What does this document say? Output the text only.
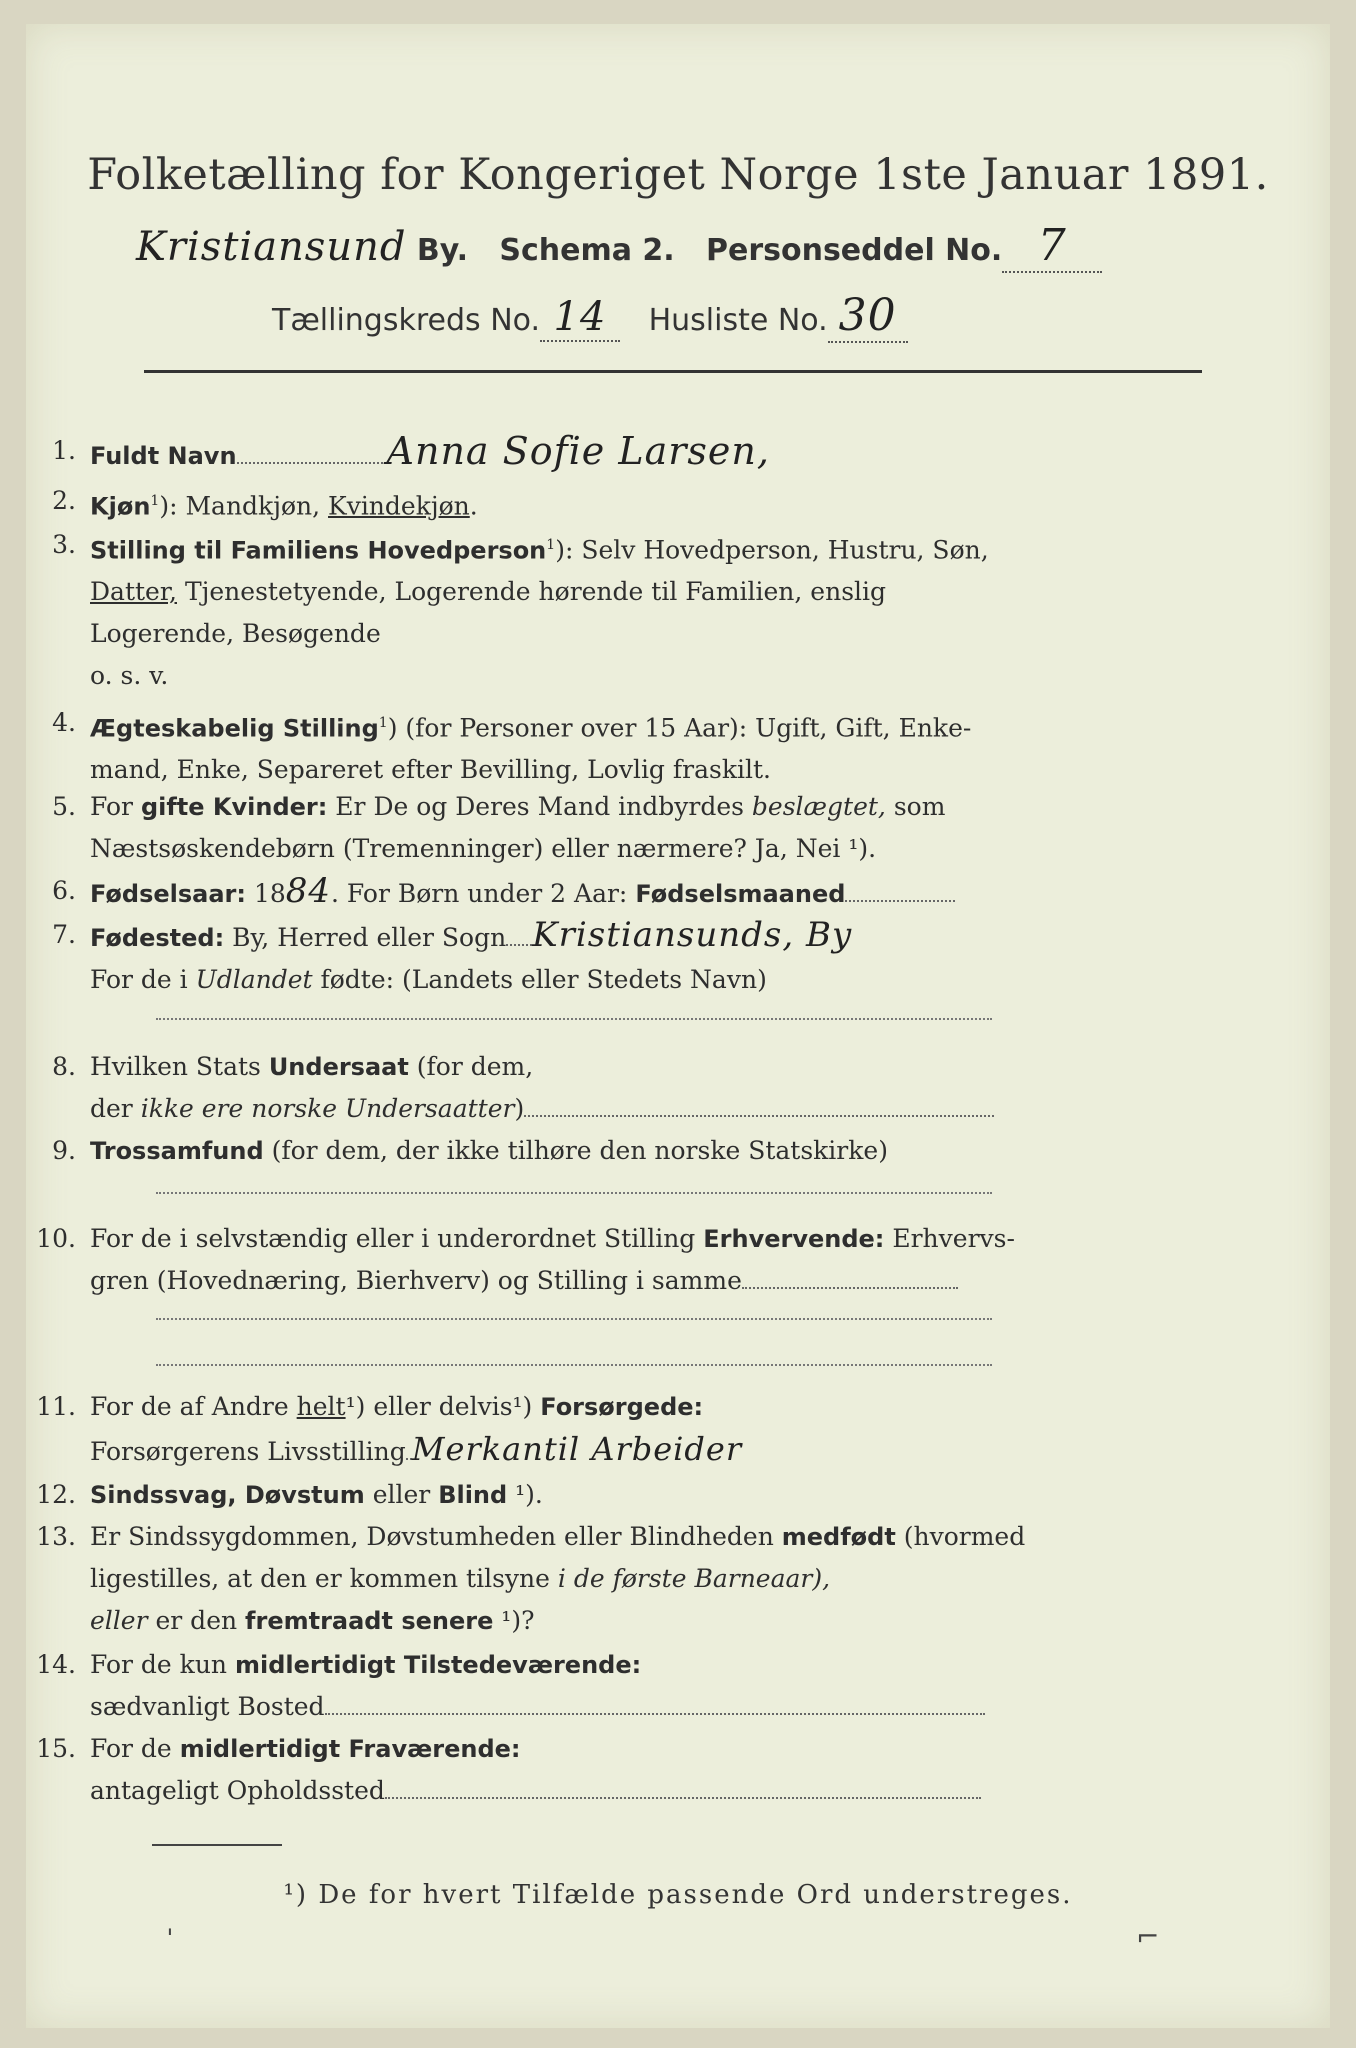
Folketælling for Kongeriget Norge 1ste Januar 1891.
Kristiansund By. Schema 2. Personseddel No. 7
Tællingskreds No. 14 Husliste No. 30
1. Fuldt Navn	Anna Sofie Larsen,
2. Kjøn$^1$): Mandkjøn, Kvindekjøn.
3. Stilling til Familiens Hovedperson$^1$): Selv Hovedperson, Hustru, Søn,
Datter, Tjenestetyende, Logerende hørende til Familien, enslig
Logerende, Besøgende
o. s. v.
4. Ægteskabelig Stilling$^1$) (for Personer over 15 Aar): Ugift, Gift, Enke-
mand, Enke, Separeret efter Bevilling, Lovlig fraskilt.
5. For gifte Kvinder: Er De og Deres Mand indbyrdes beslægtet, som
Næstsøskendebørn (Tremenninger) eller nærmere? Ja, Nei ¹).
6. Fødselsaar: 1884. For Børn under 2 Aar: Fødselsmaaned
7. Fødested: By, Herred eller Sogn Kristiansunds, By
For de i Udlandet fødte: (Landets eller Stedets Navn)
8. Hvilken Stats Undersaat (for dem,
der ikke ere norske Undersaatter)
9. Trossamfund (for dem, der ikke tilhøre den norske Statskirke)
10. For de i selvstændig eller i underordnet Stilling Erhvervende: Erhvervs-
gren (Hovednæring, Bierhverv) og Stilling i samme
11. For de af Andre helt¹) eller delvis¹) Forsørgede:
Forsørgerens Livsstilling Merkantil Arbeider
12. Sindssvag, Døvstum eller Blind ¹).
13. Er Sindssygdommen, Døvstumheden eller Blindheden medfødt (hvormed
ligestilles, at den er kommen tilsyne i de første Barneaar),
eller er den fremtraadt senere ¹)?
14. For de kun midlertidigt Tilstedeværende:
sædvanligt Bosted
15. For de midlertidigt Fraværende:
antageligt Opholdssted
¹) De for hvert Tilfælde passende Ord understreges.
ˈ	⌐
